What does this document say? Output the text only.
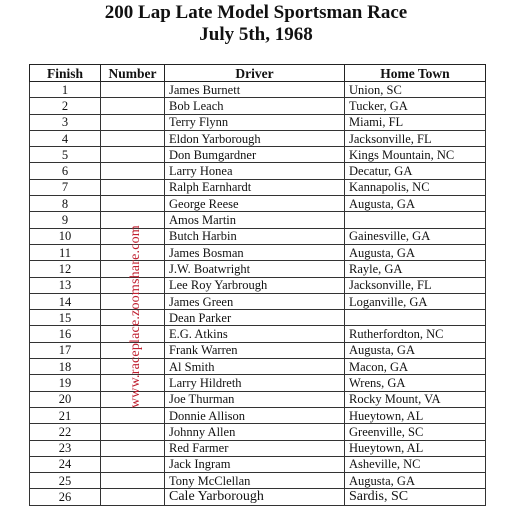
200 Lap Late Model Sportsman Race
July 5th, 1968
Finish	Number	Driver	Home Town
1		James Burnett	Union, SC
2		Bob Leach	Tucker, GA
3		Terry Flynn	Miami, FL
4		Eldon Yarborough	Jacksonville, FL
5		Don Bumgardner	Kings Mountain, NC
6		Larry Honea	Decatur, GA
7		Ralph Earnhardt	Kannapolis, NC
8		George Reese	Augusta, GA
9		Amos Martin	
10		Butch Harbin	Gainesville, GA
11		James Bosman	Augusta, GA
12		J.W. Boatwright	Rayle, GA
13		Lee Roy Yarbrough	Jacksonville, FL
14		James Green	Loganville, GA
15		Dean Parker	
16		E.G. Atkins	Rutherfordton, NC
17		Frank Warren	Augusta, GA
18		Al Smith	Macon, GA
19		Larry Hildreth	Wrens, GA
20		Joe Thurman	Rocky Mount, VA
21		Donnie Allison	Hueytown, AL
22		Johnny Allen	Greenville, SC
23		Red Farmer	Hueytown, AL
24		Jack Ingram	Asheville, NC
25		Tony McClellan	Augusta, GA
26		Cale Yarborough	Sardis, SC
www.raceplace.zoomshare.com
